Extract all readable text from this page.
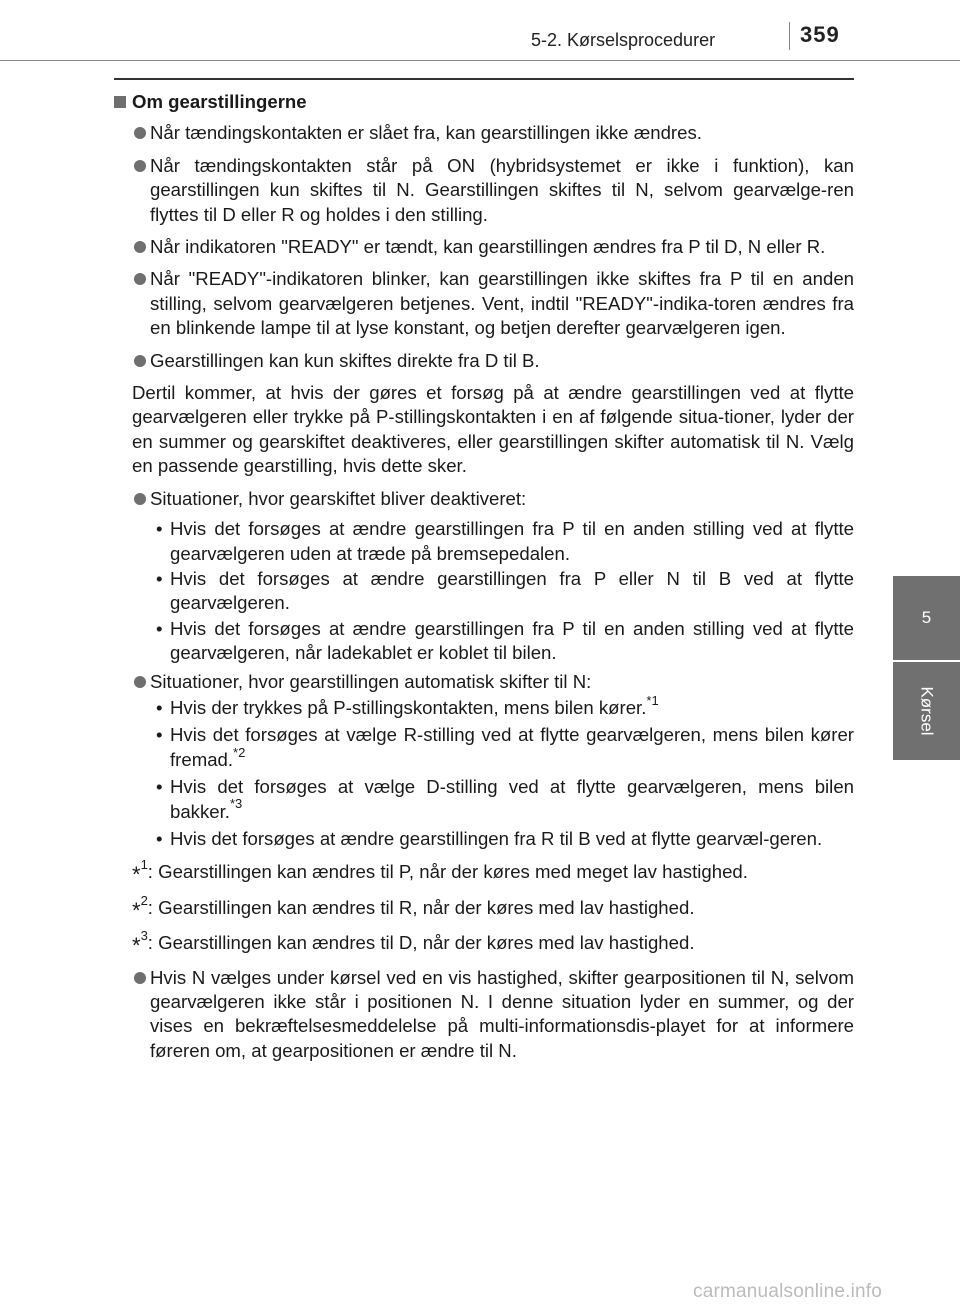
5-2. Kørselsprocedurer	359
5
Kørsel

Om gearstillingerne

Når tændingskontakten er slået fra, kan gearstillingen ikke ændres.

Når tændingskontakten står på ON (hybridsystemet er ikke i funktion), kan gearstillingen kun skiftes til N. Gearstillingen skiftes til N, selvom gearvælge-ren flyttes til D eller R og holdes i den stilling.

Når indikatoren "READY" er tændt, kan gearstillingen ændres fra P til D, N eller R.

Når "READY"-indikatoren blinker, kan gearstillingen ikke skiftes fra P til en anden stilling, selvom gearvælgeren betjenes. Vent, indtil "READY"-indika-toren ændres fra en blinkende lampe til at lyse konstant, og betjen derefter gearvælgeren igen.

Gearstillingen kan kun skiftes direkte fra D til B.

Dertil kommer, at hvis der gøres et forsøg på at ændre gearstillingen ved at flytte gearvælgeren eller trykke på P-stillingskontakten i en af følgende situa-tioner, lyder der en summer og gearskiftet deaktiveres, eller gearstillingen skifter automatisk til N. Vælg en passende gearstilling, hvis dette sker.

Situationer, hvor gearskiftet bliver deaktiveret:

• Hvis det forsøges at ændre gearstillingen fra P til en anden stilling ved at flytte gearvælgeren uden at træde på bremsepedalen.

• Hvis det forsøges at ændre gearstillingen fra P eller N til B ved at flytte gearvælgeren.

• Hvis det forsøges at ændre gearstillingen fra P til en anden stilling ved at flytte gearvælgeren, når ladekablet er koblet til bilen.

Situationer, hvor gearstillingen automatisk skifter til N:

• Hvis der trykkes på P-stillingskontakten, mens bilen kører.$^{*1}$

• Hvis det forsøges at vælge R-stilling ved at flytte gearvælgeren, mens bilen kører fremad.$^{*2}$

• Hvis det forsøges at vælge D-stilling ved at flytte gearvælgeren, mens bilen bakker.$^{*3}$

• Hvis det forsøges at ændre gearstillingen fra R til B ved at flytte gearvæl-geren.

*$^1$: Gearstillingen kan ændres til P, når der køres med meget lav hastighed.

*$^2$: Gearstillingen kan ændres til R, når der køres med lav hastighed.

*$^3$: Gearstillingen kan ændres til D, når der køres med lav hastighed.

Hvis N vælges under kørsel ved en vis hastighed, skifter gearpositionen til N, selvom gearvælgeren ikke står i positionen N. I denne situation lyder en summer, og der vises en bekræftelsesmeddelelse på multi-informationsdis-playet for at informere føreren om, at gearpositionen er ændre til N.

carmanualsonline.info
